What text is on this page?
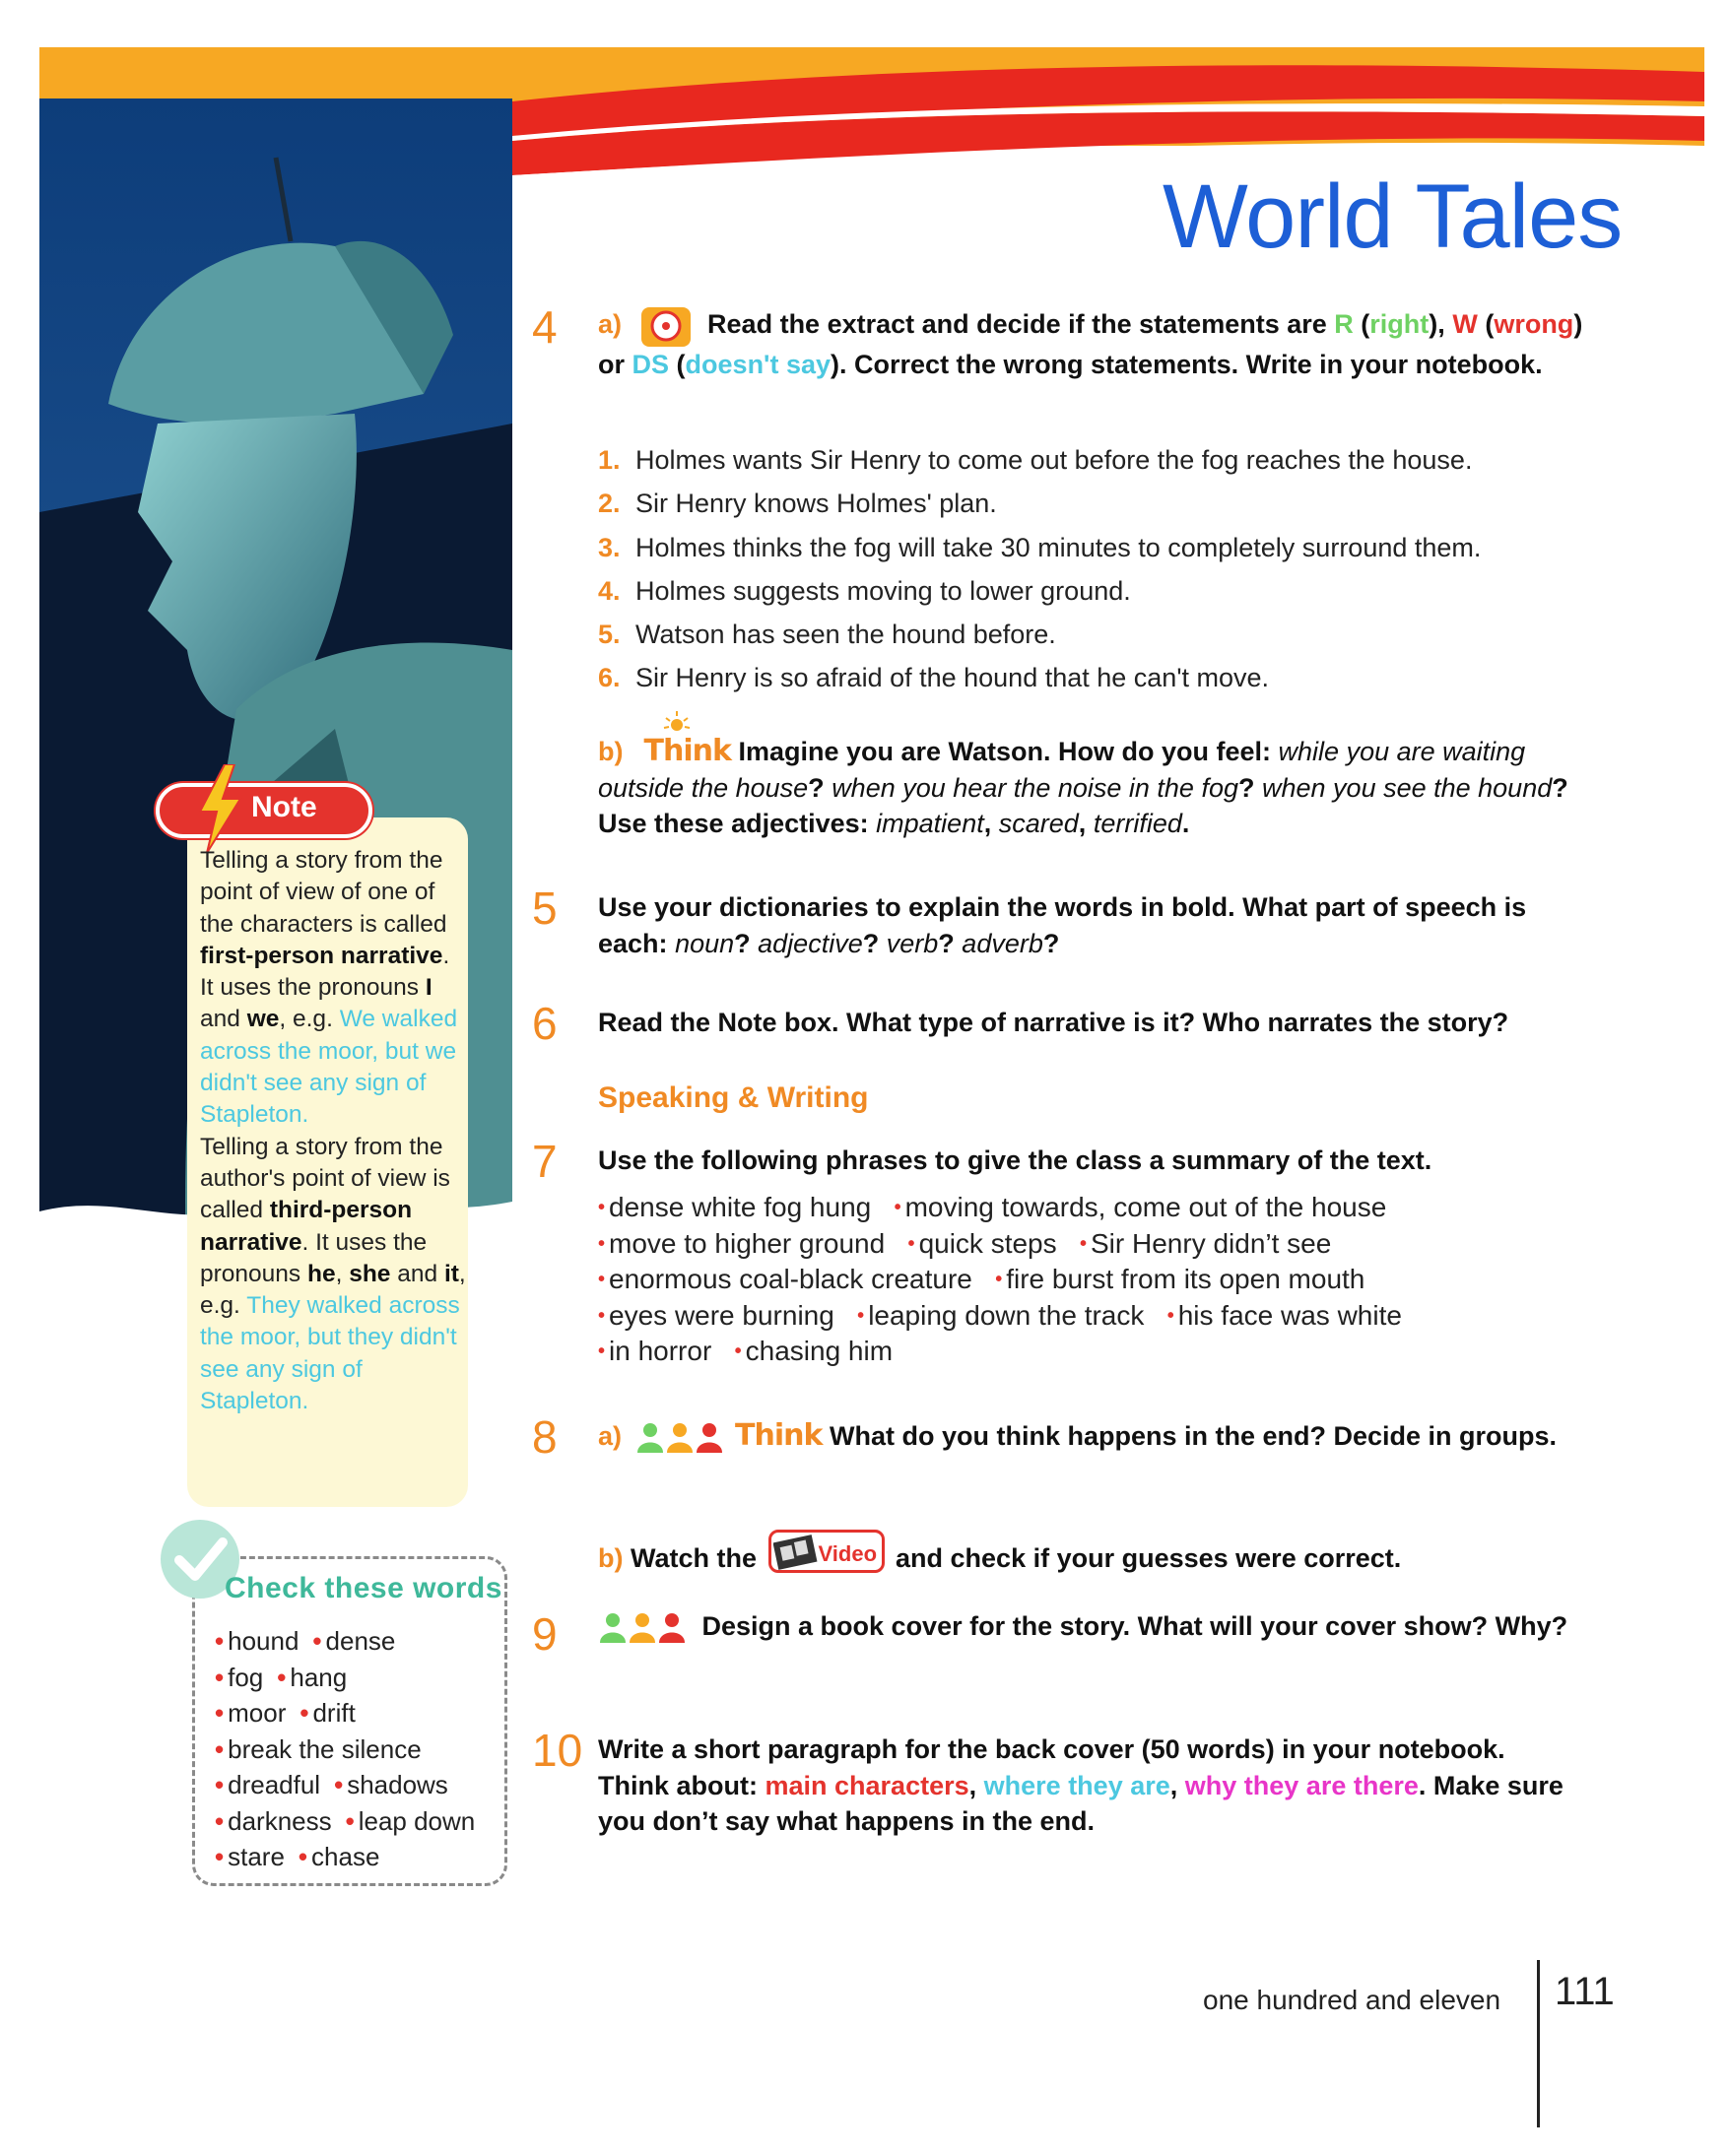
World Tales
Note
Telling a story from the point of view of one of the characters is called first-person narrative. It uses the pronouns I and we, e.g. We walked across the moor, but we didn't see any sign of Stapleton.
Telling a story from the author's point of view is called third-person narrative. It uses the pronouns he, she and it, e.g. They walked across the moor, but they didn't see any sign of Stapleton.
Check these words
• hound • dense
• fog • hang
• moor • drift
• break the silence
• dreadful • shadows
• darkness • leap down
• stare • chase
4 a)	Read the extract and decide if the statements are R (right), W (wrong) or DS (doesn't say). Correct the wrong statements. Write in your notebook.
1. Holmes wants Sir Henry to come out before the fog reaches the house.
2. Sir Henry knows Holmes' plan.
3. Holmes thinks the fog will take 30 minutes to completely surround them.
4. Holmes suggests moving to lower ground.
5. Watson has seen the hound before.
6. Sir Henry is so afraid of the hound that he can't move.
b) Think Imagine you are Watson. How do you feel: while you are waiting outside the house? when you hear the noise in the fog? when you see the hound? Use these adjectives: impatient, scared, terrified.
5 Use your dictionaries to explain the words in bold. What part of speech is each: noun? adjective? verb? adverb?
6 Read the Note box. What type of narrative is it? Who narrates the story?
Speaking & Writing
7 Use the following phrases to give the class a summary of the text.
• dense white fog hung • moving towards, come out of the house
• move to higher ground • quick steps • Sir Henry didn’t see
• enormous coal-black creature • fire burst from its open mouth
• eyes were burning • leaping down the track • his face was white
• in horror • chasing him
8 a)	Think What do you think happens in the end? Decide in groups.
b) Watch the	Video and check if your guesses were correct.
9	Design a book cover for the story. What will your cover show? Why?
10 Write a short paragraph for the back cover (50 words) in your notebook. Think about: main characters, where they are, why they are there. Make sure you don’t say what happens in the end.
one hundred and eleven 111
